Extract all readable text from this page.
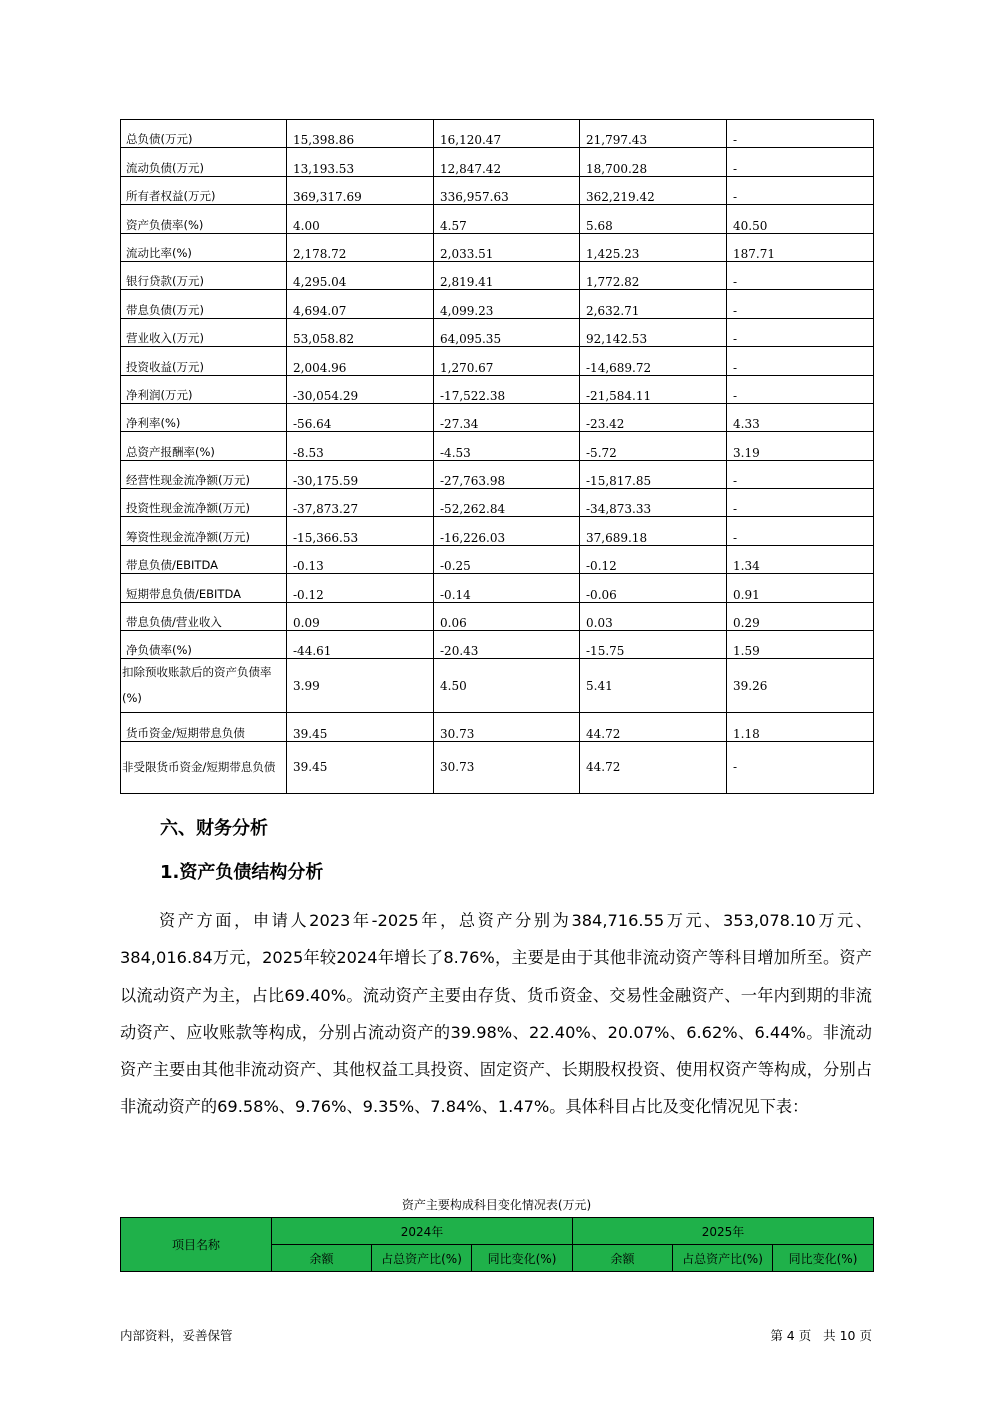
总负债(万元)	15,398.86	16,120.47	21,797.43	-
流动负债(万元)	13,193.53	12,847.42	18,700.28	-
所有者权益(万元)	369,317.69	336,957.63	362,219.42	-
资产负债率(%)	4.00	4.57	5.68	40.50
流动比率(%)	2,178.72	2,033.51	1,425.23	187.71
银行贷款(万元)	4,295.04	2,819.41	1,772.82	-
带息负债(万元)	4,694.07	4,099.23	2,632.71	-
营业收入(万元)	53,058.82	64,095.35	92,142.53	-
投资收益(万元)	2,004.96	1,270.67	-14,689.72	-
净利润(万元)	-30,054.29	-17,522.38	-21,584.11	-
净利率(%)	-56.64	-27.34	-23.42	4.33
总资产报酬率(%)	-8.53	-4.53	-5.72	3.19
经营性现金流净额(万元)	-30,175.59	-27,763.98	-15,817.85	-
投资性现金流净额(万元)	-37,873.27	-52,262.84	-34,873.33	-
筹资性现金流净额(万元)	-15,366.53	-16,226.03	37,689.18	-
带息负债/EBITDA	-0.13	-0.25	-0.12	1.34
短期带息负债/EBITDA	-0.12	-0.14	-0.06	0.91
带息负债/营业收入	0.09	0.06	0.03	0.29
净负债率(%)	-44.61	-20.43	-15.75	1.59
扣除预收账款后的资产负债率(%)	3.99	4.50	5.41	39.26
货币资金/短期带息负债	39.45	30.73	44.72	1.18
非受限货币资金/短期带息负债	39.45	30.73	44.72	-
六、财务分析
1.资产负债结构分析

资产方面，申请人2023年-2025年，总资产分别为384,716.55万元、353,078.10万元、384,016.84万元，2025年较2024年增长了8.76%，主要是由于其他非流动资产等科目增加所至。资产以流动资产为主，占比69.40%。流动资产主要由存货、货币资金、交易性金融资产、一年内到期的非流动资产、应收账款等构成，分别占流动资产的39.98%、22.40%、20.07%、6.62%、6.44%。非流动资产主要由其他非流动资产、其他权益工具投资、固定资产、长期股权投资、使用权资产等构成，分别占非流动资产的69.58%、9.76%、9.35%、7.84%、1.47%。具体科目占比及变化情况见下表：

资产主要构成科目变化情况表(万元)
项目名称	2024年			2025年		
	余额	占总资产比(%)	同比变化(%)	余额	占总资产比(%)	同比变化(%)
内部资料，妥善保管	第 4 页   共 10 页
